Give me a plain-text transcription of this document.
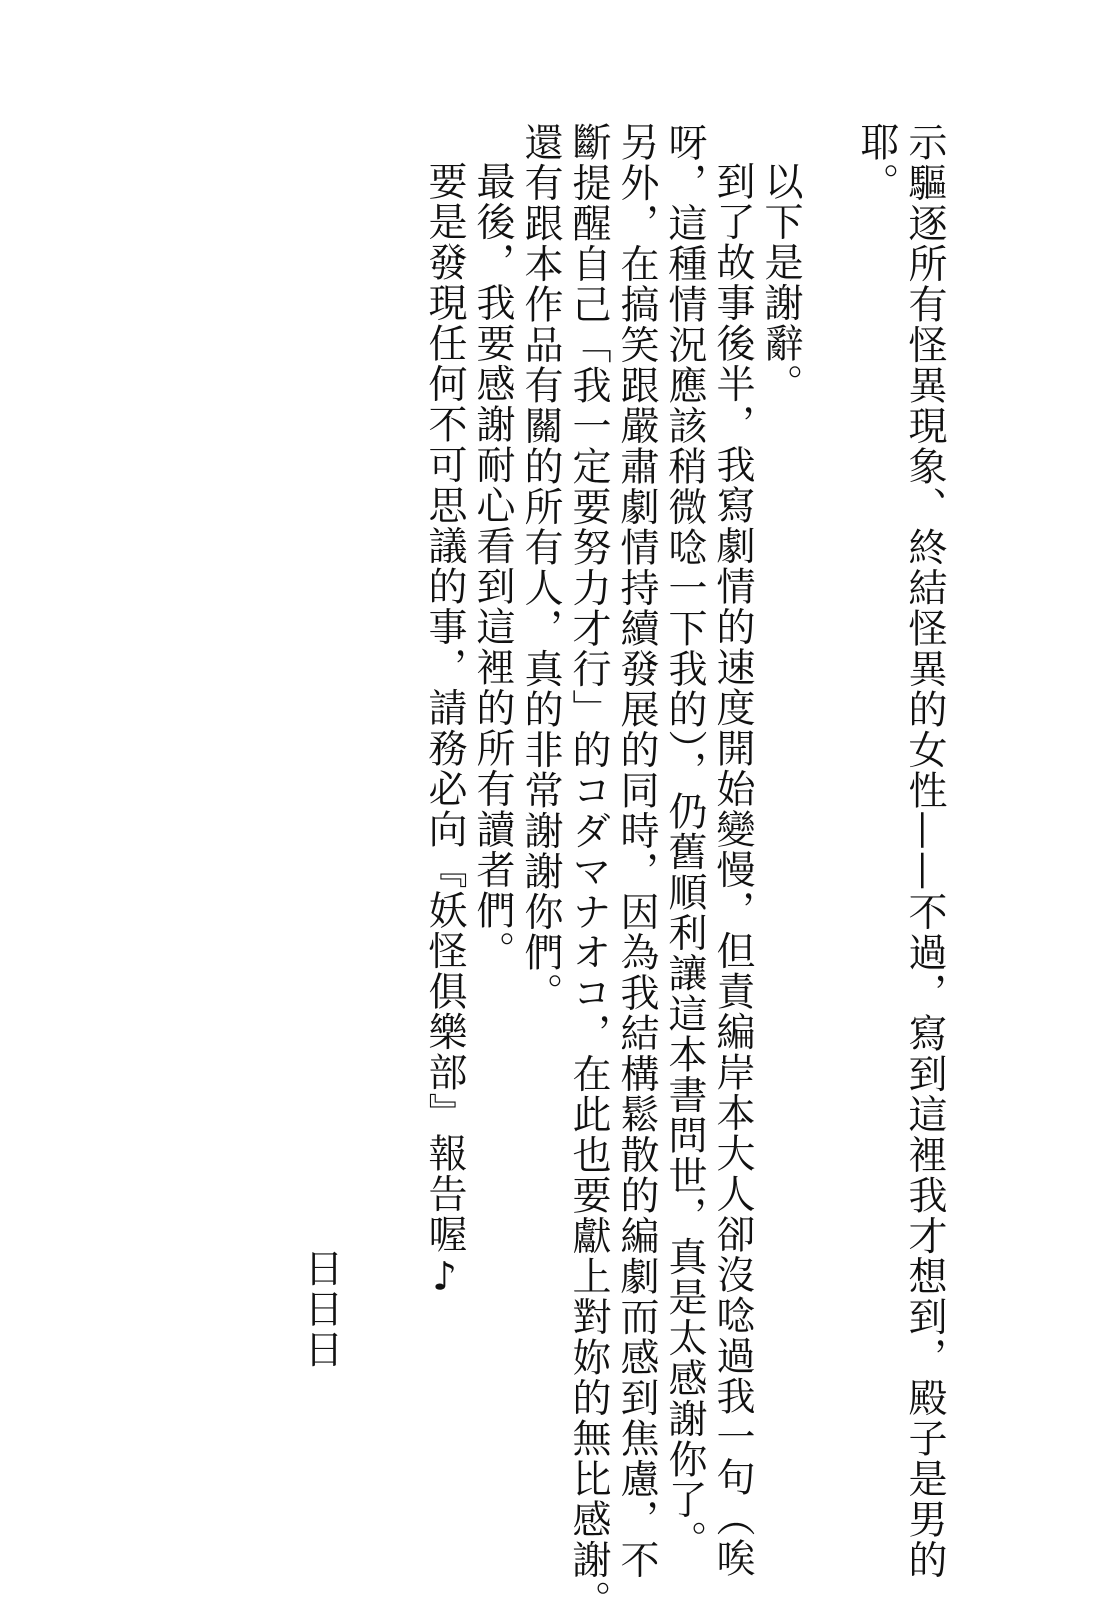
示驅逐所有怪異現象、終結怪異的女性——不過，寫到這裡我才想到，殿子是男的
耶。

以下是謝辭。
到了故事後半，我寫劇情的速度開始變慢，但責編岸本大人卻沒唸過我一句（唉
呀，這種情況應該稍微唸一下我的），仍舊順利讓這本書問世，真是太感謝你了。
另外，在搞笑跟嚴肅劇情持續發展的同時，因為我結構鬆散的編劇而感到焦慮，不
斷提醒自己「我一定要努力才行」的コダマナオコ，在此也要獻上對妳的無比感謝。
還有跟本作品有關的所有人，真的非常謝謝你們。
最後，我要感謝耐心看到這裡的所有讀者們。
要是發現任何不可思議的事，請務必向『妖怪俱樂部』報告喔♪
日日日
